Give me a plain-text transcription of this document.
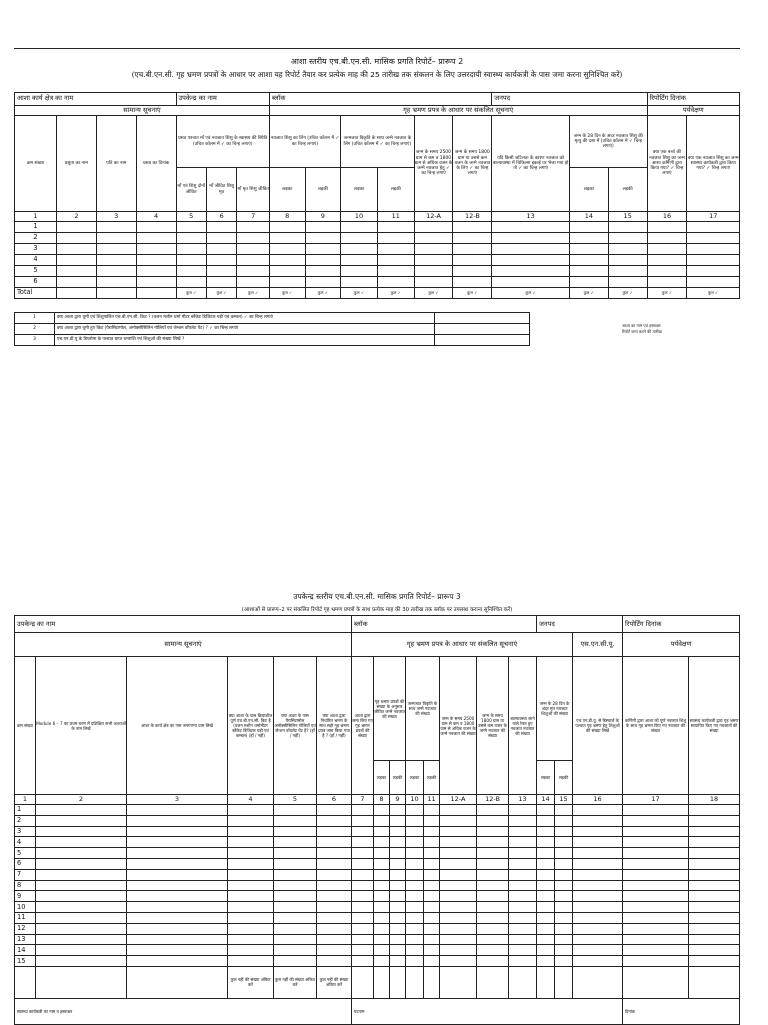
आशा स्तरीय एच.बी.एन.सी. मासिक प्रगति रिपोर्ट– प्रारूप 2
(एच.बी.एन.सी. गृह भ्रमण प्रपत्रों के आधार पर आशा यह रिपोर्ट तैयार कर प्रत्येक माह की 25 तारीख तक संकलन के लिए उत्तरदायी स्वास्थ्य कार्यकत्री के पास जमा करना सुनिश्चित करें)
आशा कार्य क्षेत्र का नाम				उपकेन्द्र का नाम			ब्लॉक						जनपद			रिपोर्टिंग दिनांक	
सामान्य सूचनाएं							गृह भ्रमण प्रपत्र के आधार पर संकलित सूचनाएं									पर्यवेक्षण	
क्रम संख्या	प्रसूता का नाम	पति का नाम	प्रसव का दिनांक	प्रसव पश्चात माँ एवं नवजात शिशु के स्वास्थ्य की स्थिति (उचित कॉलम में ✓ का चिन्ह लगाएं)			नवजात शिशु का लिंग (उचित कॉलम में ✓ का चिन्ह लगाएं)		जन्मजात विकृति के साथ जन्मे नवजात के लिंग (उचित कॉलम में ✓ का चिन्ह लगाएं)		जन्म के समय 2500 ग्राम से कम व 1800 ग्राम से अधिक वजन के जन्मे नवजात हेतु ✓ का चिन्ह लगाएं	जन्म के समय 1800 ग्राम या उससे कम वजन के जन्मे नवजात के लिए ✓ का चिन्ह लगाएं	यदि किसी जटिलता के कारण नवजात को बाल्यावस्था में चिकित्सा इकाई पर भेजा गया हो तो ✓ का चिन्ह लगाएं	जन्म के 28 दिन के अंदर नवजात शिशु की मृत्यु की दशा में (उचित कॉलम में ✓ चिन्ह लगाएं)		क्या एक बच्चे की नवजात शिशु का जन्म आशा कर्मिणी द्वारा किया गया? ✓ चिन्ह लगाएं	क्या एक नवजात शिशु का जन्म स्वास्थ्य कार्यकत्री द्वारा किया गया? ✓ चिन्ह लगाएं
				माँ एवं शिशु दोनों जीवित	माँ जीवित शिशु मृत	माँ मृत शिशु जीवित	लड़का	लड़की	लड़का	लड़की				लड़का	लड़की		
1	2	3	4	5	6	7	8	9	10	11	12-A	12-B	13	14	15	16	17
1																	
2																	
3																	
4																	
5																	
6																	
Total				कुल ✓	कुल ✓	कुल ✓	कुल ✓	कुल ✓	कुल ✓	कुल ✓	कुल ✓	कुल ✓	कुल ✓	कुल ✓	कुल ✓	कुल ✓	कुल ✓
1	क्या आशा द्वारा धूमी एवं शिशुपालित एच.बी.एन.सी. किट ? (वजन मशीन थर्मा मीटर ब्लैंकेट डिजिटल घड़ी एवं कम्बल) ✓ का चिन्ह लगाएं	
2	क्या आशा द्वारा धूमी हुए किट (पैरासिटामोल, अमोक्सीसिलिन गोलियाँ एवं जेन्शन वॉयलेट पेंट) ? ✓ का चिन्ह लगाएं	
3	एच.एन.डी.यू के डिप्लोमा के पश्चात प्राप्त धनराशि एवं शिशुओं की संख्या लिखें ?	
आशा का नाम एवं हस्ताक्षर
रिपोर्ट जमा करने की तारीख
उपकेन्द्र स्तरीय एच.बी.एन.सी. मासिक प्रगति रिपोर्ट– प्रारूप 3
(आशाओं से प्रारूप–2 पर संकलित रिपोर्ट गृह भ्रमण प्रपत्रों के साथ प्रत्येक माह की 30 तारीख तक ब्लॉक पर उपलब्ध कराना सुनिश्चित करें)
उपकेन्द्र का नाम						ब्लॉक								जनपद			रिपोर्टिंग दिनांक	
सामान्य सूचनाएं						गृह भ्रमण प्रपत्र के आधार पर संकलित सूचनाएं										एस.एन.सी.यू.	पर्यवेक्षण	
क्रम संख्या	Module 6 – 7 का प्रथम चरण में प्रशिक्षित सभी आशाओं के नाम लिखें	आशा के कार्य क्षेत्र का नाम जनगणना ग्राम लिखें	क्या आशा के पास क्रियाशील पूर्ण एच.बी.एन.सी. किट है (वजन मशीन थर्मामीटर ब्लैंकेट डिजिटल घड़ी एवं कम्बल) (हाँ / नहीं)	क्या आशा के पास पैरासिटामोल अमोक्सीसिलिन गोलियाँ एवं जेन्शन वॉयलेट पेंट है? (हाँ / नहीं)	क्या आशा द्वारा निर्धारित भ्रमण के साथ सही गृह भ्रमण प्रपत्र जमा किया गया है ? (हाँ / नहीं)	आशा द्वारा जमा किए गए गृह भ्रमण प्रपत्रों की संख्या	गृह भ्रमण प्रपत्रों की संख्या के अनुसार जीवित जन्मे नवजात की संख्या		जन्मजात विकृति के साथ जन्मे नवजात की संख्या		जन्म के समय 2500 ग्राम से कम व 1800 ग्राम से अधिक वजन के जन्मे नवजात की संख्या	जन्म के समय 1800 ग्राम या उससे कम वजन के जन्मे नवजात की संख्या	बाल्यावस्था जाने वाले रेफर हुए नवजात नवजात की संख्या	जन्म के 28 दिन के अंदर मृत नवजात शिशुओं की संख्या		एच.एन.डी.यू. से डिस्चार्ज के पश्चात गृह भ्रमण हेतु शिशुओं की संख्या लिखें	कर्मिणी द्वारा आशा को पूर्ण नवजात शिशु के साथ गृह भ्रमण किए गए नवजात की संख्या	स्वास्थ्य कार्यकत्री द्वारा गृह भ्रमण सत्यापित किए गए नवजातों की संख्या
							लड़का	लड़की	लड़का	लड़की				लड़का	लड़की			
1	2	3	4	5	6	7	8	9	10	11	12-A	12-B	13	14	15	16	17	18
1																		
2																		
3																		
4																		
5																		
6																		
7																		
8																		
9																		
10																		
11																		
12																		
13																		
14																		
15																		
			कुल नहीं की संख्या अंकित करें	कुल नहीं की संख्या अंकित करें	कुल नहीं की संख्या अंकित करें													
स्वास्थ्य कार्यकत्री का नाम व हस्ताक्षर						पदनाम											दिनांक	
